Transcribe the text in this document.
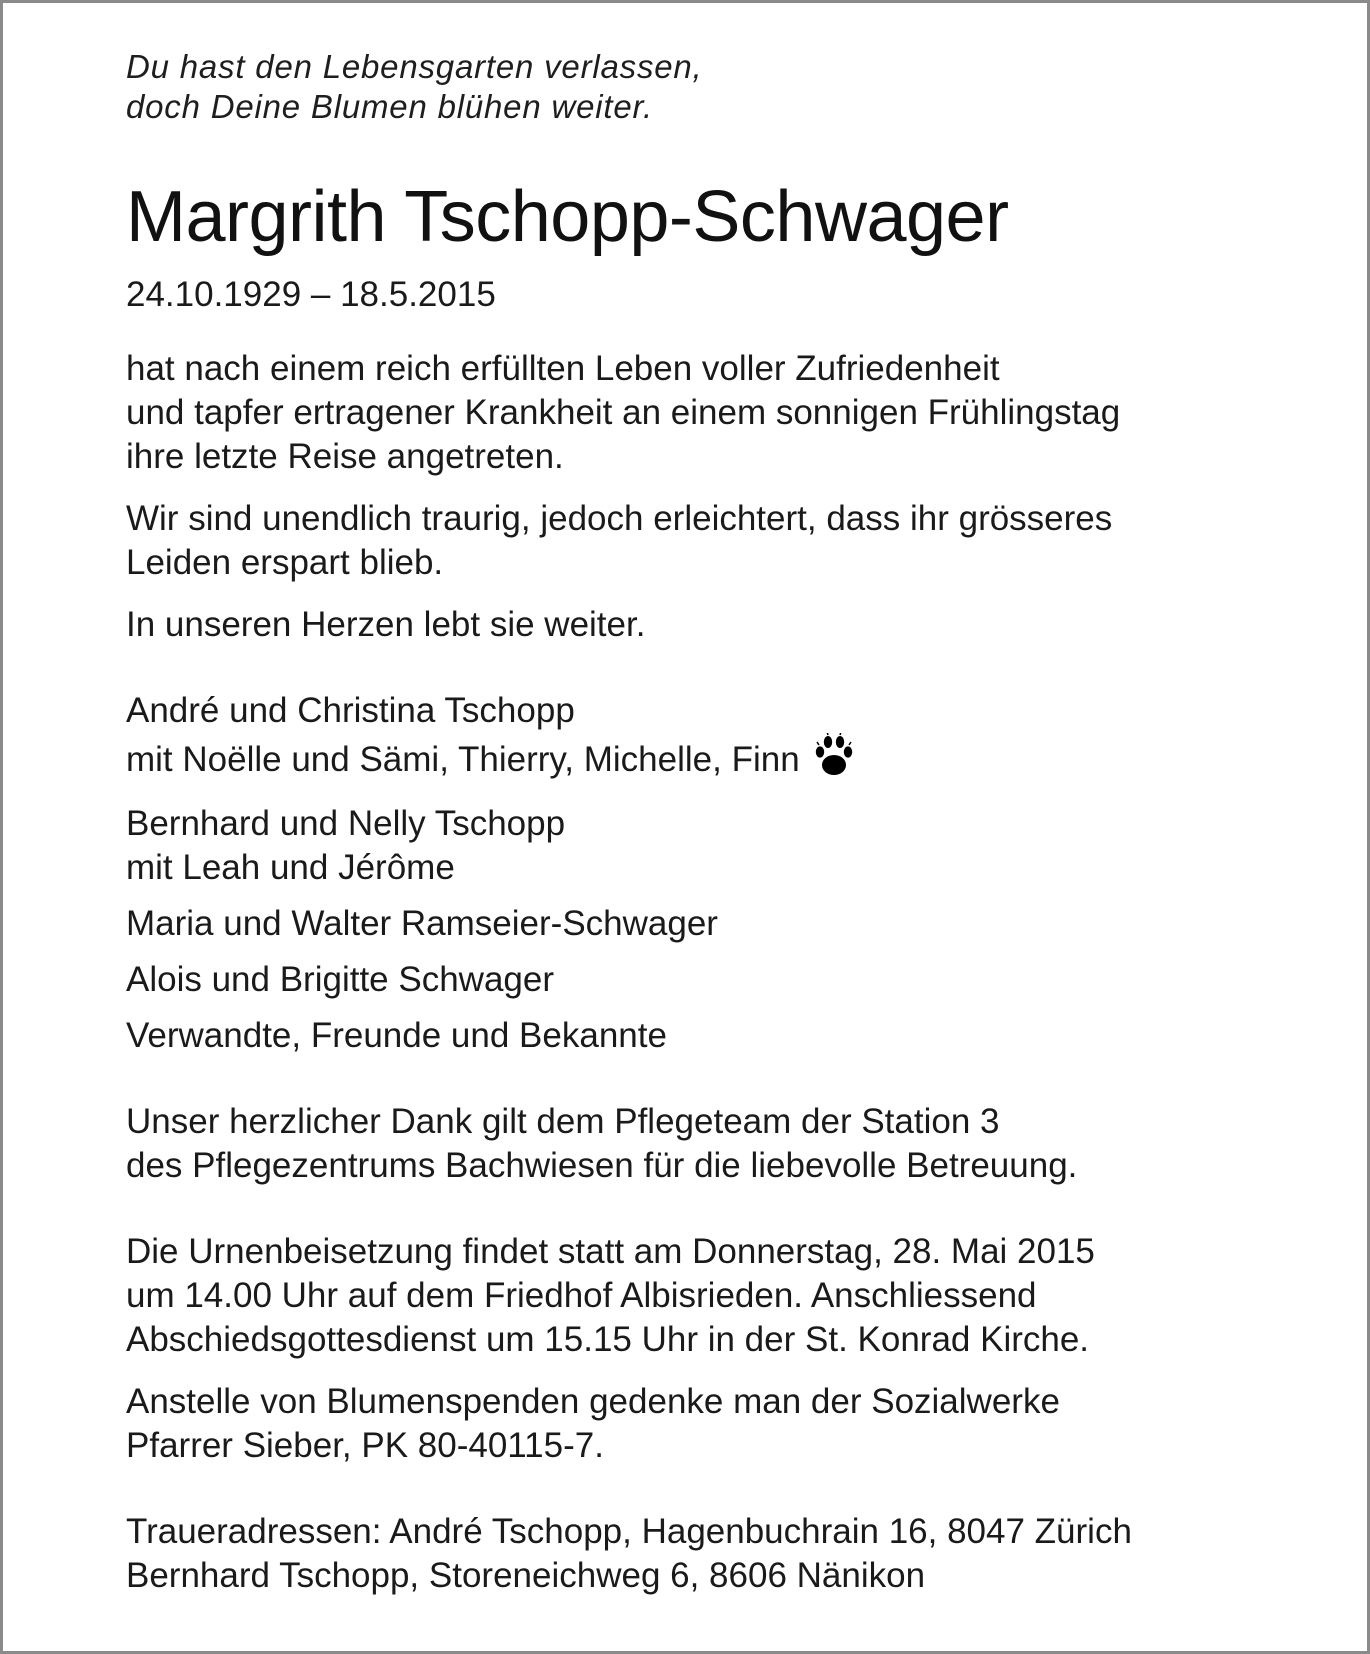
Du hast den Lebensgarten verlassen,
doch Deine Blumen blühen weiter.
Margrith Tschopp-Schwager
24.10.1929 – 18.5.2015
hat nach einem reich erfüllten Leben voller Zufriedenheit
und tapfer ertragener Krankheit an einem sonnigen Frühlingstag
ihre letzte Reise angetreten.
Wir sind unendlich traurig, jedoch erleichtert, dass ihr grösseres
Leiden erspart blieb.
In unseren Herzen lebt sie weiter.
André und Christina Tschopp
mit Noëlle und Sämi, Thierry, Michelle, Finn
Bernhard und Nelly Tschopp
mit Leah und Jérôme
Maria und Walter Ramseier-Schwager
Alois und Brigitte Schwager
Verwandte, Freunde und Bekannte
Unser herzlicher Dank gilt dem Pflegeteam der Station 3
des Pflegezentrums Bachwiesen für die liebevolle Betreuung.
Die Urnenbeisetzung findet statt am Donnerstag, 28. Mai 2015
um 14.00 Uhr auf dem Friedhof Albisrieden. Anschliessend
Abschiedsgottesdienst um 15.15 Uhr in der St. Konrad Kirche.
Anstelle von Blumenspenden gedenke man der Sozialwerke
Pfarrer Sieber, PK 80-40115-7.
Traueradressen: André Tschopp, Hagenbuchrain 16, 8047 Zürich
Bernhard Tschopp, Storeneichweg 6, 8606 Nänikon
